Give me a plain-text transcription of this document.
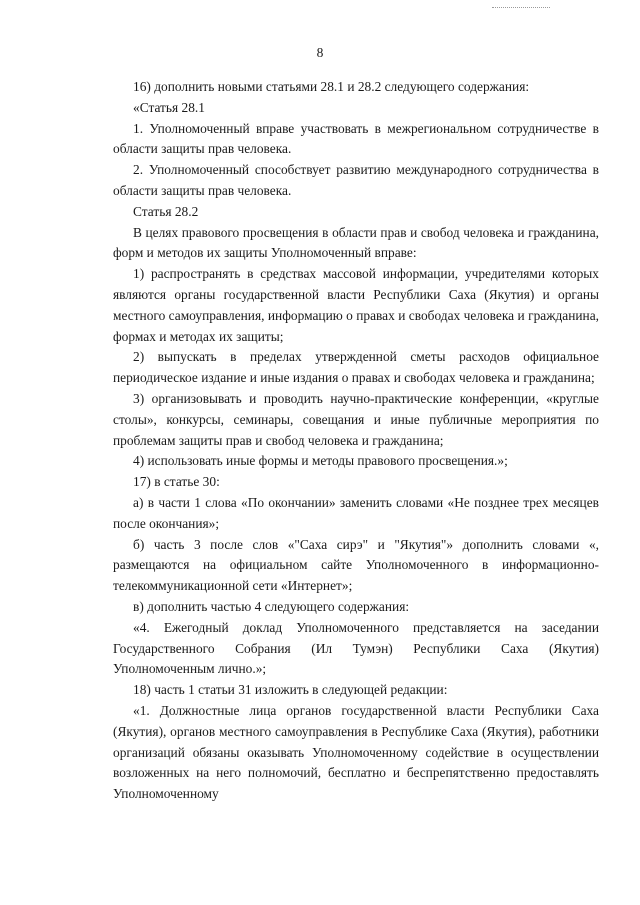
8

16) дополнить новыми статьями 28.1 и 28.2 следующего содержания:

«Статья 28.1

1. Уполномоченный вправе участвовать в межрегиональном сотрудничестве в области защиты прав человека.

2. Уполномоченный способствует развитию международного сотрудничества в области защиты прав человека.

Статья 28.2

В целях правового просвещения в области прав и свобод человека и гражданина, форм и методов их защиты Уполномоченный вправе:

1) распространять в средствах массовой информации, учредителями которых являются органы государственной власти Республики Саха (Якутия) и органы местного самоуправления, информацию о правах и свободах человека и гражданина, формах и методах их защиты;

2) выпускать в пределах утвержденной сметы расходов официальное периодическое издание и иные издания о правах и свободах человека и гражданина;

3) организовывать и проводить научно-практические конференции, «круглые столы», конкурсы, семинары, совещания и иные публичные мероприятия по проблемам защиты прав и свобод человека и гражданина;

4) использовать иные формы и методы правового просвещения.»;

17) в статье 30:

а) в части 1 слова «По окончании» заменить словами «Не позднее трех месяцев после окончания»;

б) часть 3 после слов «"Саха сирэ" и "Якутия"» дополнить словами «, размещаются на официальном сайте Уполномоченного в информационно-телекоммуникационной сети «Интернет»;

в) дополнить частью 4 следующего содержания:

«4. Ежегодный доклад Уполномоченного представляется на заседании Государственного Собрания (Ил Тумэн) Республики Саха (Якутия) Уполномоченным лично.»;

18) часть 1 статьи 31 изложить в следующей редакции:

«1. Должностные лица органов государственной власти Республики Саха (Якутия), органов местного самоуправления в Республике Саха (Якутия), работники организаций обязаны оказывать Уполномоченному содействие в осуществлении возложенных на него полномочий, бесплатно и беспрепятственно предоставлять Уполномоченному
